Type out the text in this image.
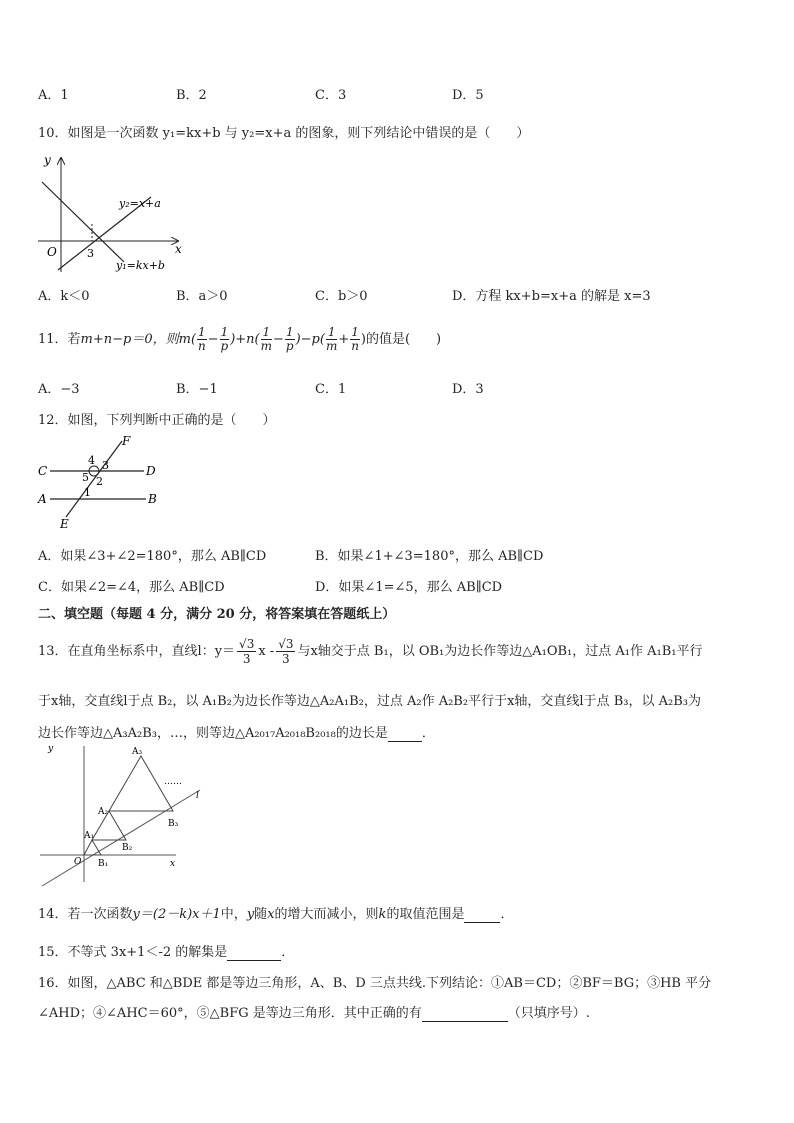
A．1	B．2	C．3	D．5
10．如图是一次函数 y₁=kx+b 与 y₂=x+a 的图象，则下列结论中错误的是（　　）
y
x
O	3
y₂=x+a
y₁=kx+b
A．k＜0	B．a＞0	C．b＞0	D．方程 kx+b=x+a 的解是 x=3
11．若m+n−p＝0，则$m( \frac{1}{n} - \frac{1}{p} )+n( \frac{1}{m} - \frac{1}{p} )-p( \frac{1}{m} + \frac{1}{n}$ )的值是(　　)
A．−3	B．−1	C．1	D．3
12．如图，下列判断中正确的是（　　）
F
C	D
A	B
E
4 3
5 2
1
A．如果∠3+∠2=180°，那么 AB∥CD	B．如果∠1+∠3=180°，那么 AB∥CD
C．如果∠2=∠4，那么 AB∥CD	D．如果∠1=∠5，那么 AB∥CD
二、填空题（每题 4 分，满分 20 分，将答案填在答题纸上）
13．在直角坐标系中，直线l：$y= \frac{√3}{3}$ x - $\frac{√3}{3}$ 与x轴交于点 B₁，以 OB₁为边长作等边△A₁OB₁，过点 A₁作 A₁B₁平行
于x轴，交直线l于点 B₂，以 A₁B₂为边长作等边△A₂A₁B₂，过点 A₂作 A₂B₂平行于x轴，交直线l于点 B₃，以 A₂B₃为
边长作等边△A₃A₂B₃，…，则等边△A₂₀₁₇A₂₀₁₈B₂₀₁₈的边长是	．
y
x
O
l
A₁
A₂
A₃
B₁
B₂
B₃
……
14．若一次函数y＝(2－k)x＋1中，y随x的增大而减小，则k的取值范围是	．
15．不等式 3x+1＜-2 的解集是	．
16．如图，△ABC 和△BDE 都是等边三角形，A、B、D 三点共线.下列结论：①AB＝CD；②BF＝BG；③HB 平分
∠AHD；④∠AHC＝60°，⑤△BFG 是等边三角形．其中正确的有	（只填序号）.
